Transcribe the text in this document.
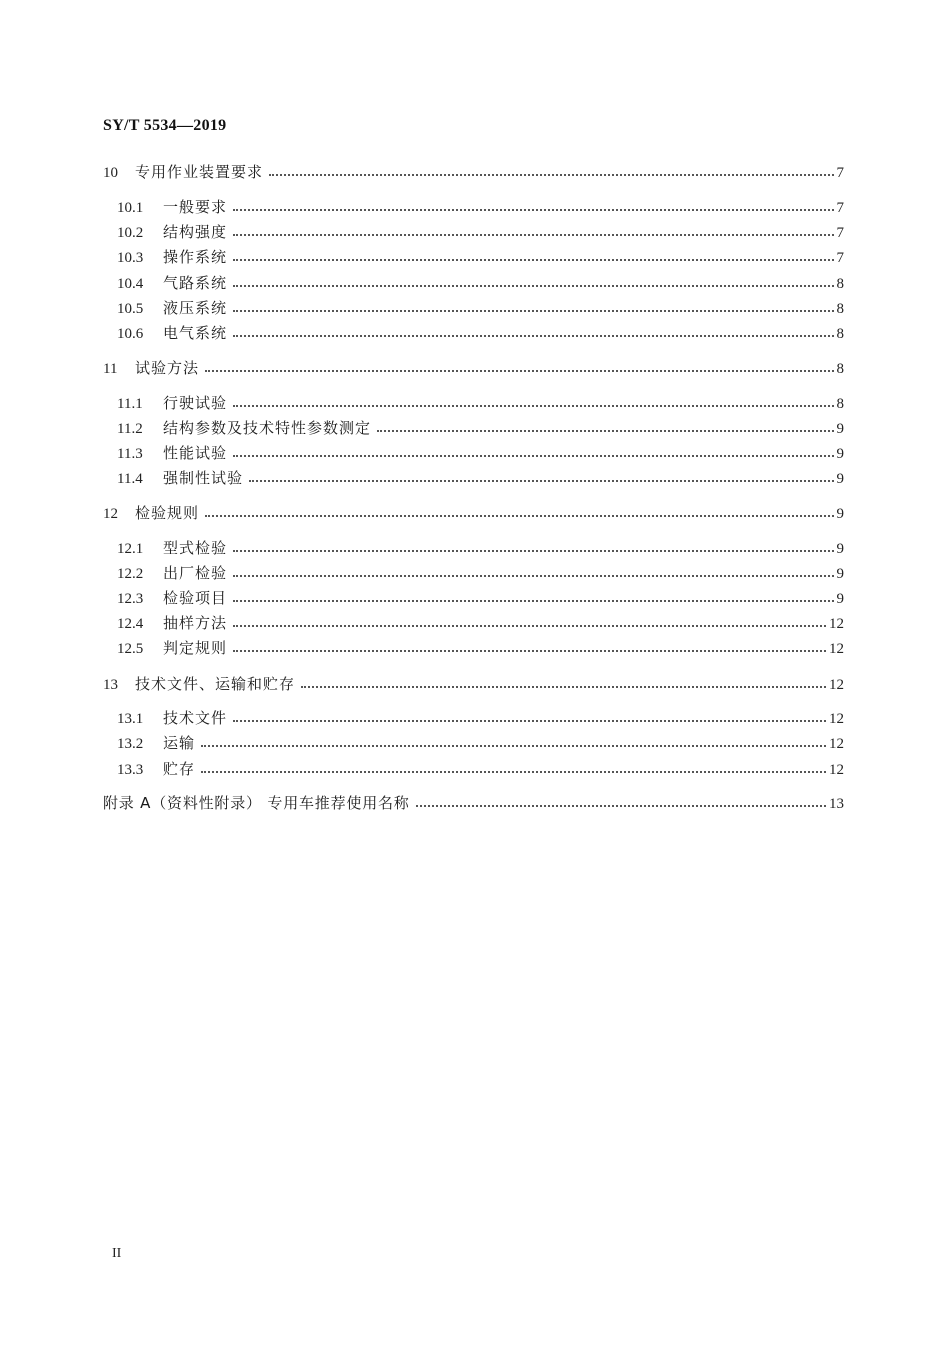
SY/T 5534—2019
10	专用作业装置要求	7
10.1	一般要求	7
10.2	结构强度	7
10.3	操作系统	7
10.4	气路系统	8
10.5	液压系统	8
10.6	电气系统	8
11	试验方法	8
11.1	行驶试验	8
11.2	结构参数及技术特性参数测定	9
11.3	性能试验	9
11.4	强制性试验	9
12	检验规则	9
12.1	型式检验	9
12.2	出厂检验	9
12.3	检验项目	9
12.4	抽样方法	12
12.5	判定规则	12
13	技术文件、运输和贮存	12
13.1	技术文件	12
13.2	运输	12
13.3	贮存	12
附录 A（资料性附录） 专用车推荐使用名称	13
II
